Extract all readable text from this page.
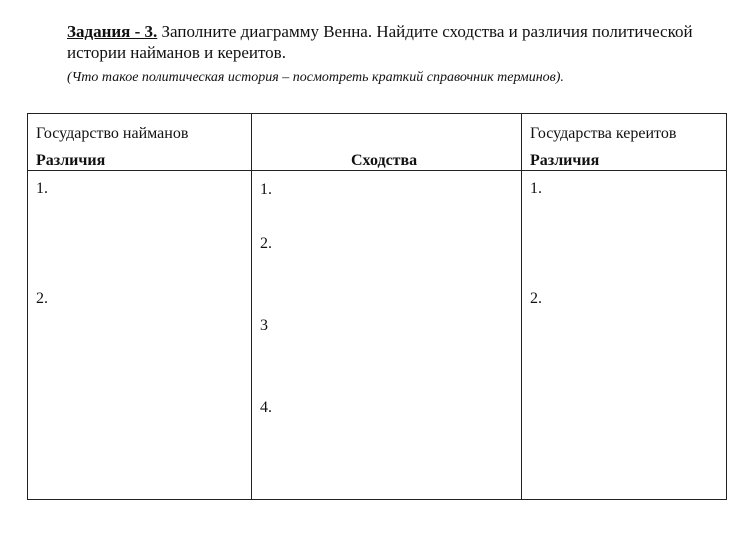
Задания - 3. Заполните диаграмму Венна. Найдите сходства и различия политической истории найманов и кереитов.
(Что такое политическая история – посмотреть краткий справочник терминов).
Государство найманов
Различия	Сходства
Государства кереитов
Различия
1.
2.
1.
2.
3
4.
1.
2.
